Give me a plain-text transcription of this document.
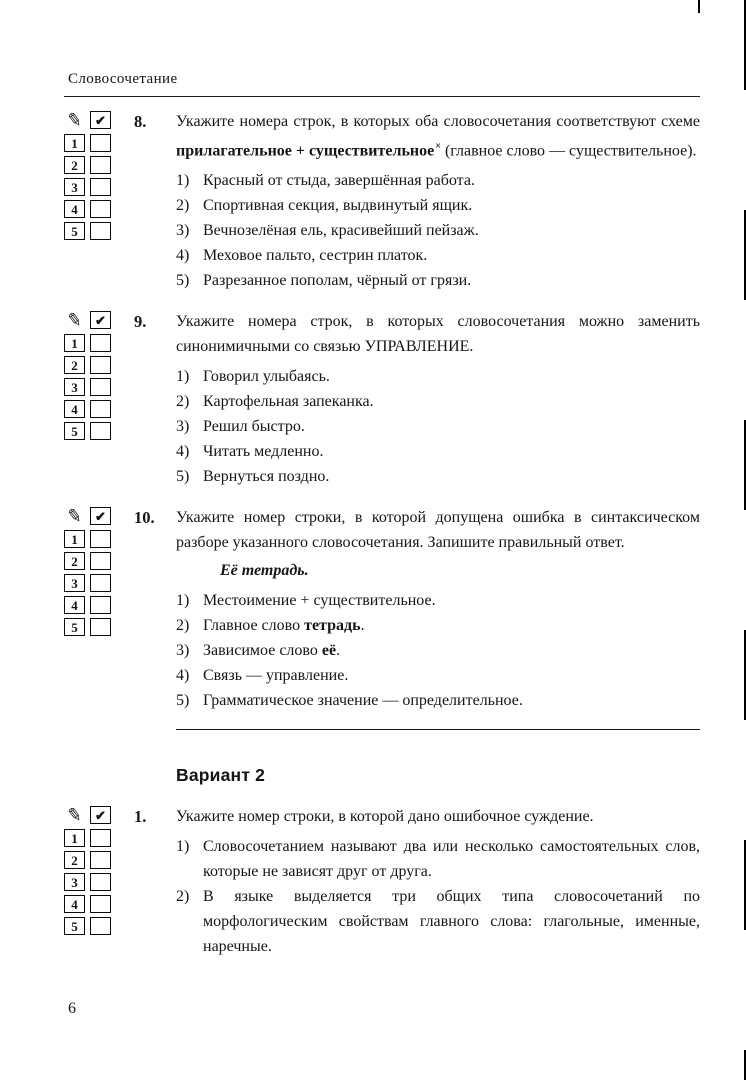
Словосочетание
✎ ✔
1
2
3
4
5
8.	Укажите номера строк, в которых оба словосочетания соответствуют схеме прилагательное + существительное× (главное слово — существительное).

1) Красный от стыда, завершённая работа.

2) Спортивная секция, выдвинутый ящик.

3) Вечнозелёная ель, красивейший пейзаж.

4) Меховое пальто, сестрин платок.

5) Разрезанное пополам, чёрный от грязи.

✎ ✔
1
2
3
4
5
9.	Укажите номера строк, в которых словосочетания можно заменить синонимичными со связью УПРАВЛЕНИЕ.

1) Говорил улыбаясь.

2) Картофельная запеканка.

3) Решил быстро.

4) Читать медленно.

5) Вернуться поздно.

✎ ✔
1
2
3
4
5
10.	Укажите номер строки, в которой допущена ошибка в синтаксическом разборе указанного словосочетания. Запишите правильный ответ.

Её тетрадь.

1) Местоимение + существительное.

2) Главное слово тетрадь.

3) Зависимое слово её.

4) Связь — управление.

5) Грамматическое значение — определительное.

Вариант 2
✎ ✔
1
2
3
4
5
1.	Укажите номер строки, в которой дано ошибочное суждение.

1) Словосочетанием называют два или несколько самостоятельных слов, которые не зависят друг от друга.

2) В языке выделяется три общих типа словосочетаний по морфологическим свойствам главного слова: глагольные, именные, наречные.

6
